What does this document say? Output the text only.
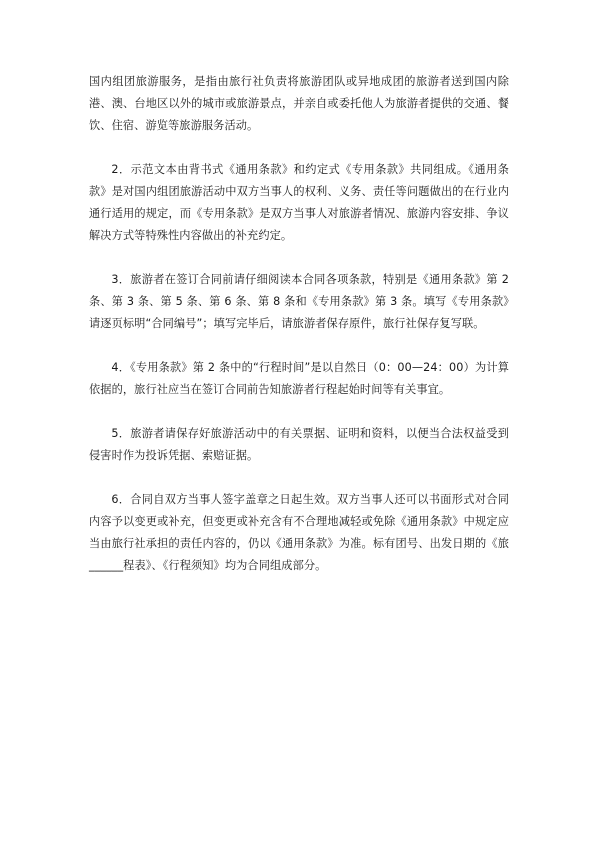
国内组团旅游服务，是指由旅行社负责将旅游团队或异地成团的旅游者送到国内除港、澳、台地区以外的城市或旅游景点，并亲自或委托他人为旅游者提供的交通、餐饮、住宿、游览等旅游服务活动。

2．示范文本由背书式《通用条款》和约定式《专用条款》共同组成。《通用条款》是对国内组团旅游活动中双方当事人的权利、义务、责任等问题做出的在行业内通行适用的规定，而《专用条款》是双方当事人对旅游者情况、旅游内容安排、争议解决方式等特殊性内容做出的补充约定。

3．旅游者在签订合同前请仔细阅读本合同各项条款，特别是《通用条款》第 2 条、第 3 条、第 5 条、第 6 条、第 8 条和《专用条款》第 3 条。填写《专用条款》请逐页标明“合同编号”；填写完毕后，请旅游者保存原件，旅行社保存复写联。

4．《专用条款》第 2 条中的“行程时间”是以自然日（0：00—24：00）为计算依据的，旅行社应当在签订合同前告知旅游者行程起始时间等有关事宜。

5．旅游者请保存好旅游活动中的有关票据、证明和资料，以便当合法权益受到侵害时作为投诉凭据、索赔证据。

6．合同自双方当事人签字盖章之日起生效。双方当事人还可以书面形式对合同内容予以变更或补充，但变更或补充含有不合理地减轻或免除《通用条款》中规定应当由旅行社承担的责任内容的，仍以《通用条款》为准。标有团号、出发日期的《旅______程表》、《行程须知》均为合同组成部分。
